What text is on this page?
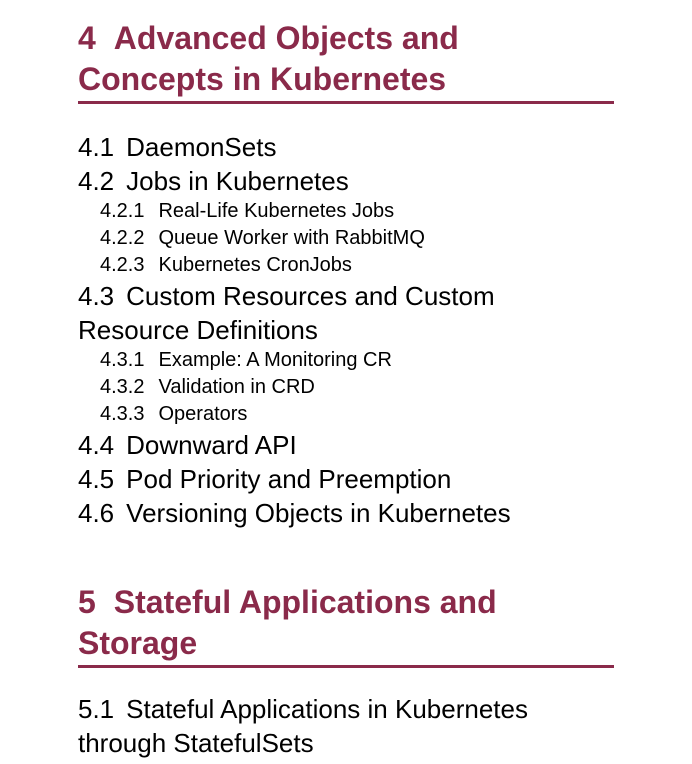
4 Advanced Objects and
Concepts in Kubernetes
4.1 DaemonSets
4.2 Jobs in Kubernetes
4.2.1 Real-Life Kubernetes Jobs
4.2.2 Queue Worker with RabbitMQ
4.2.3 Kubernetes CronJobs
4.3 Custom Resources and Custom
Resource Definitions
4.3.1 Example: A Monitoring CR
4.3.2 Validation in CRD
4.3.3 Operators
4.4 Downward API
4.5 Pod Priority and Preemption
4.6 Versioning Objects in Kubernetes
5 Stateful Applications and
Storage
5.1 Stateful Applications in Kubernetes
through StatefulSets
